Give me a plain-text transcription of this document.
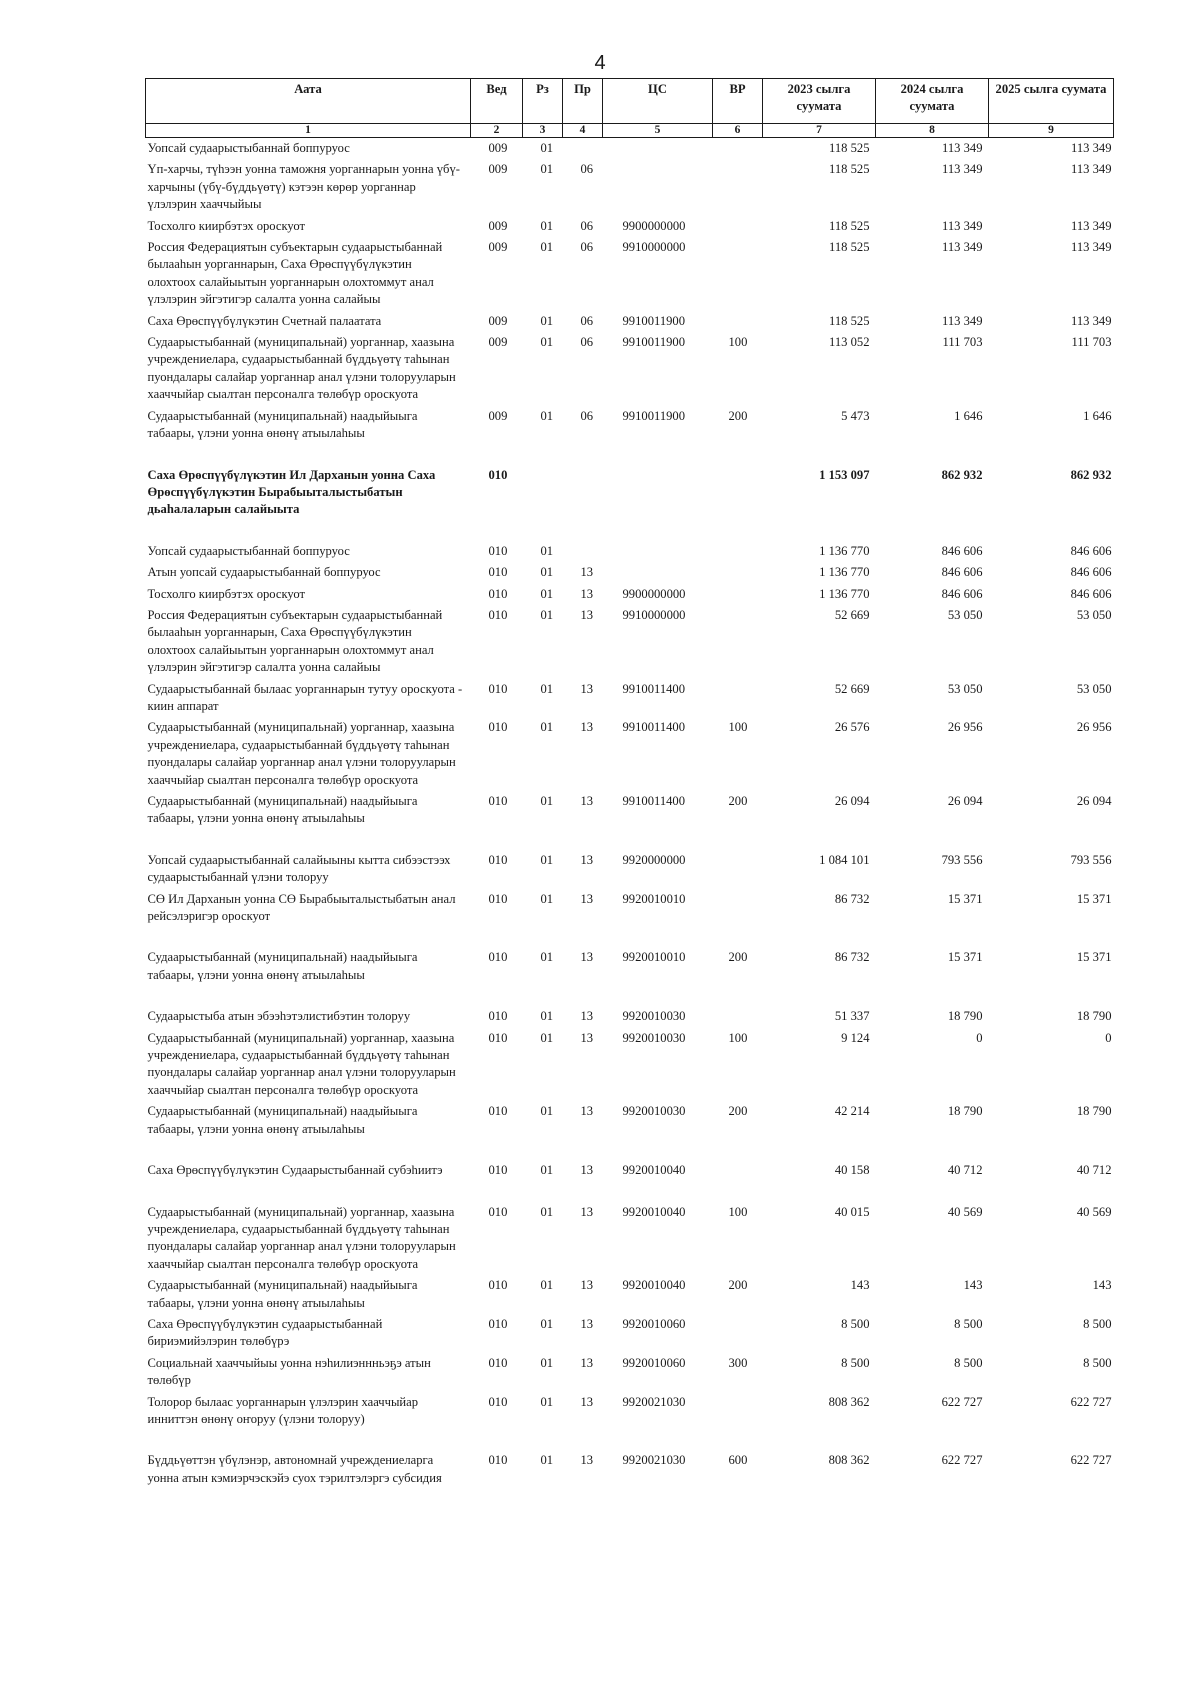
4
Аата	Вед	Рз	Пр	ЦС	ВР	2023 сылга суумата	2024 сылга суумата	2025 сылга суумата
1	2	3	4	5	6	7	8	9
Уопсай судаарыстыбаннай боппуруос	009	01				118 525	113 349	113 349
Үп-харчы, түhээн уонна таможня уорганнарын уонна үбү-харчыны (үбү-бүддьүөтү) кэтээн көрөр уорганнар үлэлэрин хааччыйыы	009	01	06			118 525	113 349	113 349
Тосхолго киирбэтэх ороскуот	009	01	06	9900000000		118 525	113 349	113 349
Россия Федерациятын субъектарын судаарыстыбаннай былааhын уорганнарын, Саха Өрөспүүбүлүкэтин олохтоох салайыытын уорганнарын олохтоммут анал үлэлэрин эйгэтигэр салалта уонна салайыы	009	01	06	9910000000		118 525	113 349	113 349
Саха Өрөспүүбүлүкэтин Счетнай палаататa	009	01	06	9910011900		118 525	113 349	113 349
Судаарыстыбаннай (муниципальнай) уорганнар, хаазына учреждениелара, судаарыстыбаннай бүддьүөтү таhынан пуондалары салайар уорганнар анал үлэни толорууларын хааччыйар сыалтан персоналга төлөбүр ороскуота	009	01	06	9910011900	100	113 052	111 703	111 703
Судаарыстыбаннай (муниципальнай) наадыйыыга табаары, үлэни уонна өнөнү атыылаhыы	009	01	06	9910011900	200	5 473	1 646	1 646
Саха Өрөспүүбүлүкэтин Ил Дарханын уонна Саха Өрөспүүбүлүкэтин Бырабыыталыстыбатын дьаhалаларын салайыыта	010					1 153 097	862 932	862 932
Уопсай судаарыстыбаннай боппуруос	010	01				1 136 770	846 606	846 606
Атын уопсай судаарыстыбаннай боппуруос	010	01	13			1 136 770	846 606	846 606
Тосхолго киирбэтэх ороскуот	010	01	13	9900000000		1 136 770	846 606	846 606
Россия Федерациятын субъектарын судаарыстыбаннай былааhын уорганнарын, Саха Өрөспүүбүлүкэтин олохтоох салайыытын уорганнарын олохтоммут анал үлэлэрин эйгэтигэр салалта уонна салайыы	010	01	13	9910000000		52 669	53 050	53 050
Судаарыстыбаннай былаас уорганнарын тутуу ороскуота - киин аппарат	010	01	13	9910011400		52 669	53 050	53 050
Судаарыстыбаннай (муниципальнай) уорганнар, хаазына учреждениелара, судаарыстыбаннай бүддьүөтү таhынан пуондалары салайар уорганнар анал үлэни толорууларын хааччыйар сыалтан персоналга төлөбүр ороскуота	010	01	13	9910011400	100	26 576	26 956	26 956
Судаарыстыбаннай (муниципальнай) наадыйыыга табаары, үлэни уонна өнөнү атыылаhыы	010	01	13	9910011400	200	26 094	26 094	26 094
Уопсай судаарыстыбаннай салайыыны кытта сибээстээх судаарыстыбаннай үлэни толоруу	010	01	13	9920000000		1 084 101	793 556	793 556
СӨ Ил Дарханын уонна СӨ Бырабыыталыстыбатын анал рейсэлэригэр ороскуот	010	01	13	9920010010		86 732	15 371	15 371
Судаарыстыбаннай (муниципальнай) наадыйыыга табаары, үлэни уонна өнөнү атыылаhыы	010	01	13	9920010010	200	86 732	15 371	15 371
Судаарыстыба атын эбээhэтэлистибэтин толоруу	010	01	13	9920010030		51 337	18 790	18 790
Судаарыстыбаннай (муниципальнай) уорганнар, хаазына учреждениелара, судаарыстыбаннай бүддьүөтү таhынан пуондалары салайар уорганнар анал үлэни толорууларын хааччыйар сыалтан персоналга төлөбүр ороскуота	010	01	13	9920010030	100	9 124	0	0
Судаарыстыбаннай (муниципальнай) наадыйыыга табаары, үлэни уонна өнөнү атыылаhыы	010	01	13	9920010030	200	42 214	18 790	18 790
Саха Өрөспүүбүлүкэтин Судаарыстыбаннай субэhиитэ	010	01	13	9920010040		40 158	40 712	40 712
Судаарыстыбаннай (муниципальнай) уорганнар, хаазына учреждениелара, судаарыстыбаннай бүддьүөтү таhынан пуондалары салайар уорганнар анал үлэни толорууларын хааччыйар сыалтан персоналга төлөбүр ороскуота	010	01	13	9920010040	100	40 015	40 569	40 569
Судаарыстыбаннай (муниципальнай) наадыйыыга табаары, үлэни уонна өнөнү атыылаhыы	010	01	13	9920010040	200	143	143	143
Саха Өрөспүүбүлүкэтин судаарыстыбаннай бириэмийэлэрин төлөбүрэ	010	01	13	9920010060		8 500	8 500	8 500
Социальнай хааччыйыы уонна нэhилиэннньэҕэ атын төлөбүр	010	01	13	9920010060	300	8 500	8 500	8 500
Толорор былаас уорганнарын үлэлэрин хааччыйар инниттэн өнөнү оҥоруу (үлэни толоруу)	010	01	13	9920021030		808 362	622 727	622 727
Бүддьүөттэн үбүлэнэр, автономнай учреждениеларга уонна атын кэмиэрчэскэйэ суох тэрилтэлэргэ субсидия	010	01	13	9920021030	600	808 362	622 727	622 727
